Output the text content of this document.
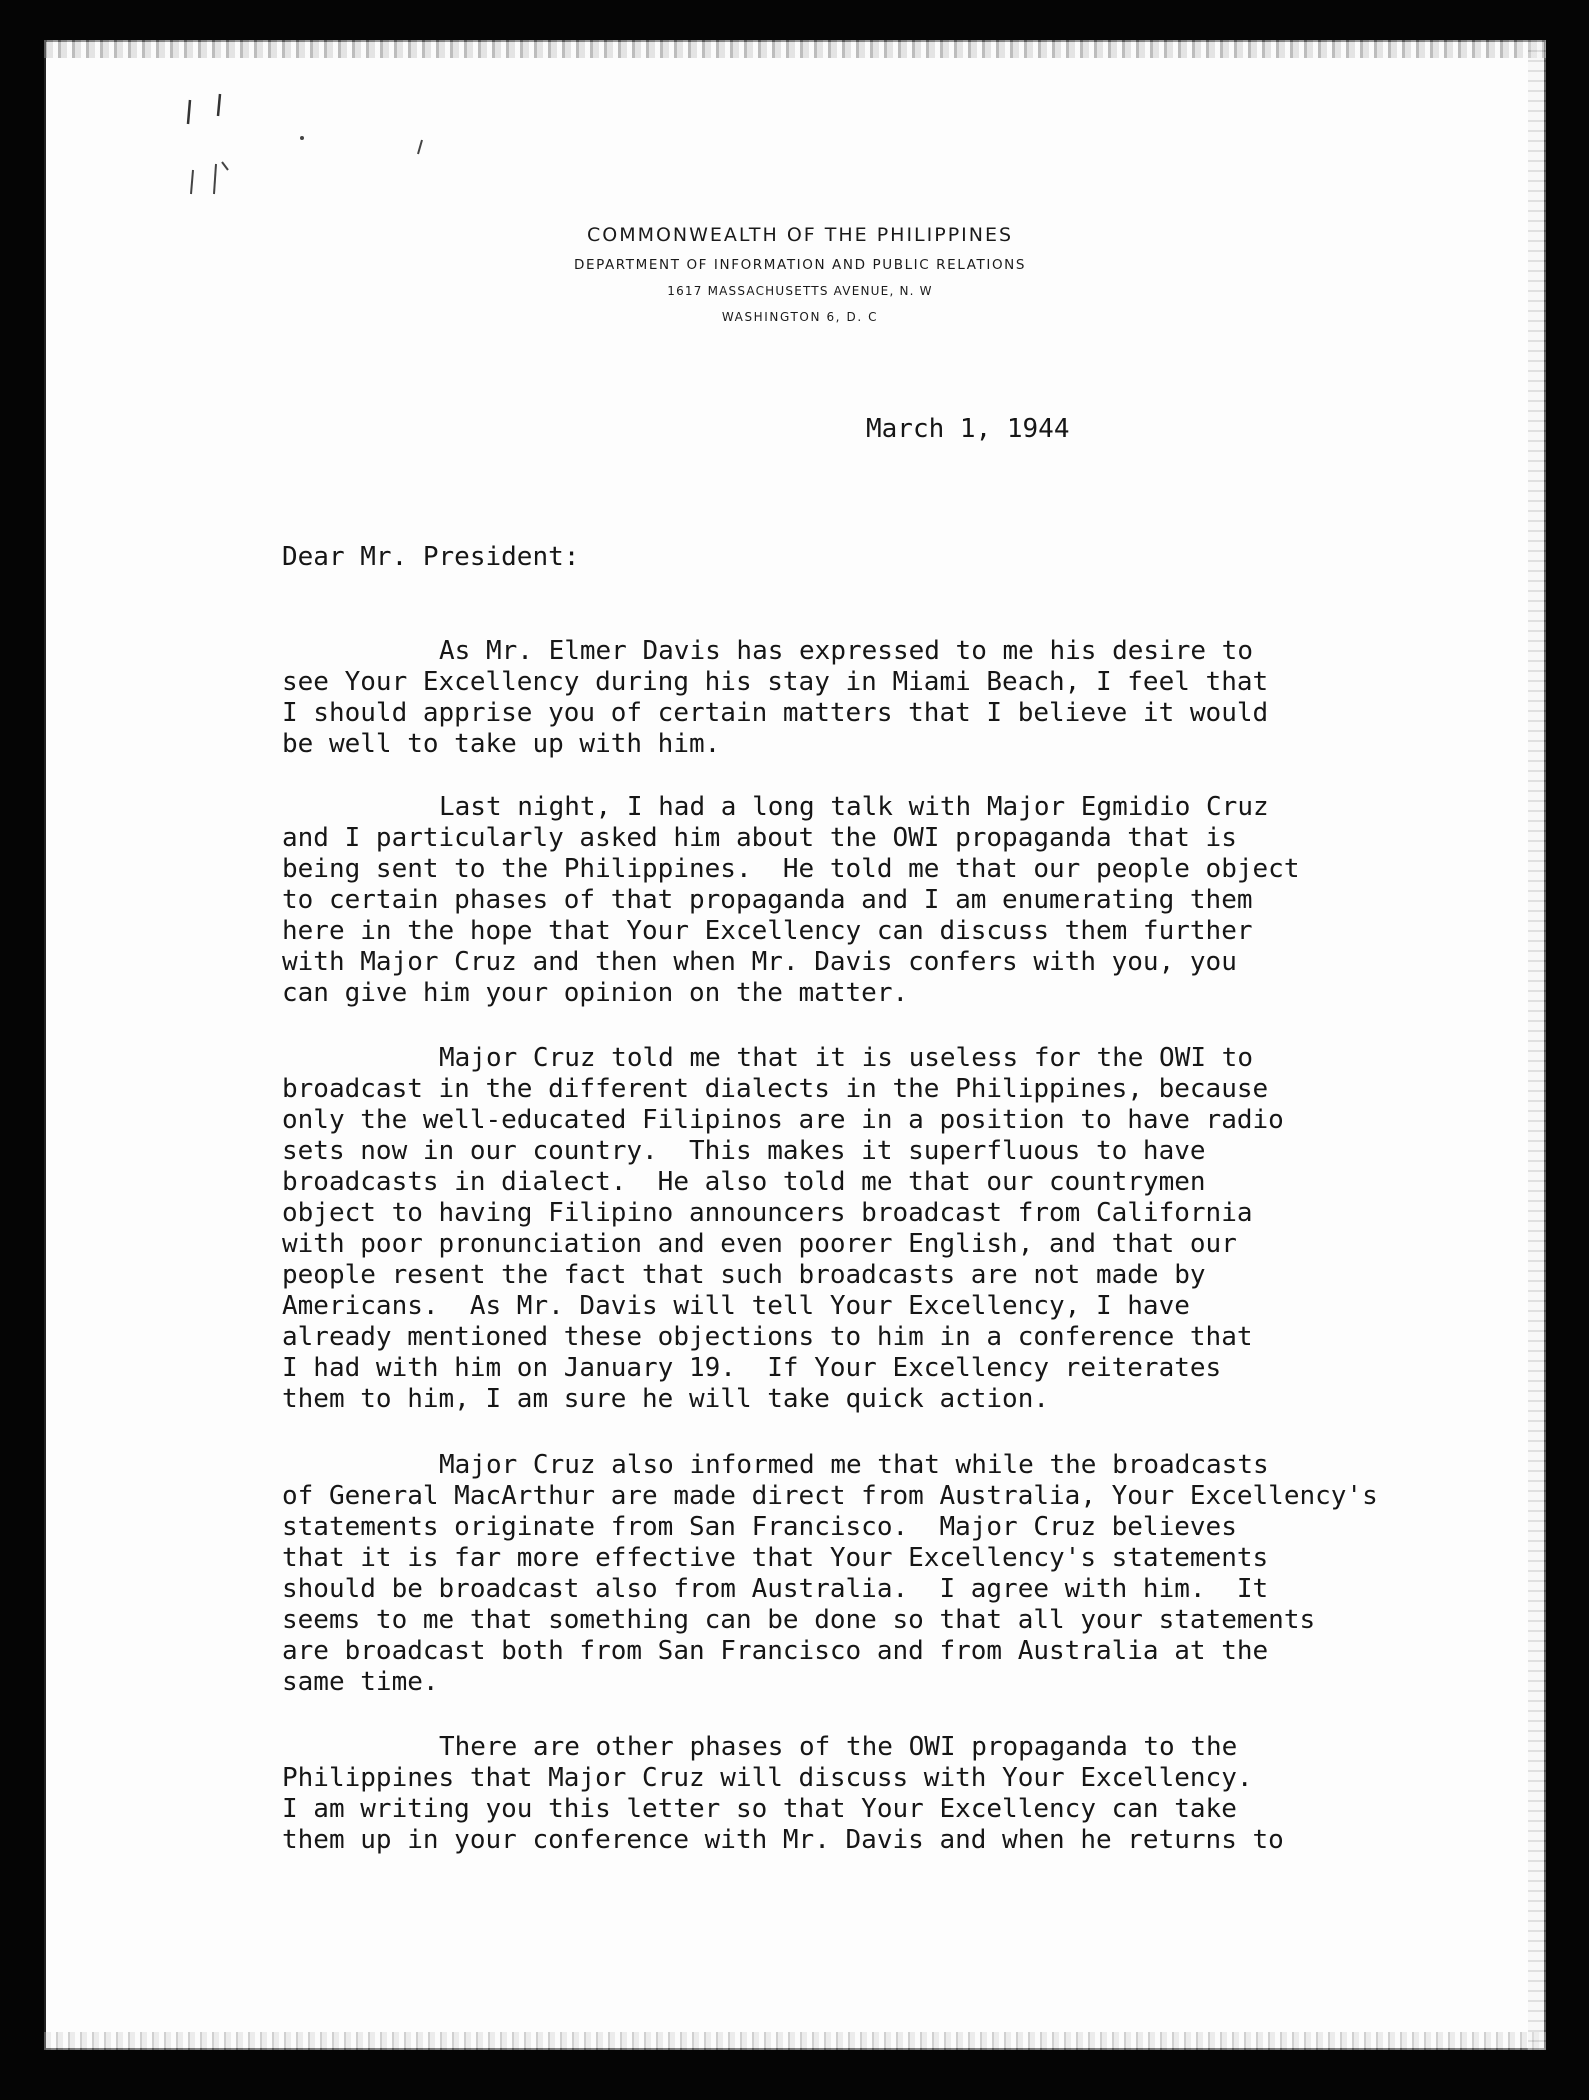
COMMONWEALTH OF THE PHILIPPINES
DEPARTMENT OF INFORMATION AND PUBLIC RELATIONS
1617 MASSACHUSETTS AVENUE, N. W
WASHINGTON 6, D. C
March 1, 1944
Dear Mr. President:
As Mr. Elmer Davis has expressed to me his desire to
see Your Excellency during his stay in Miami Beach, I feel that
I should apprise you of certain matters that I believe it would
be well to take up with him.
Last night, I had a long talk with Major Egmidio Cruz
and I particularly asked him about the OWI propaganda that is
being sent to the Philippines.  He told me that our people object
to certain phases of that propaganda and I am enumerating them
here in the hope that Your Excellency can discuss them further
with Major Cruz and then when Mr. Davis confers with you, you
can give him your opinion on the matter.
Major Cruz told me that it is useless for the OWI to
broadcast in the different dialects in the Philippines, because
only the well-educated Filipinos are in a position to have radio
sets now in our country.  This makes it superfluous to have
broadcasts in dialect.  He also told me that our countrymen
object to having Filipino announcers broadcast from California
with poor pronunciation and even poorer English, and that our
people resent the fact that such broadcasts are not made by
Americans.  As Mr. Davis will tell Your Excellency, I have
already mentioned these objections to him in a conference that
I had with him on January 19.  If Your Excellency reiterates
them to him, I am sure he will take quick action.
Major Cruz also informed me that while the broadcasts
of General MacArthur are made direct from Australia, Your Excellency's
statements originate from San Francisco.  Major Cruz believes
that it is far more effective that Your Excellency's statements
should be broadcast also from Australia.  I agree with him.  It
seems to me that something can be done so that all your statements
are broadcast both from San Francisco and from Australia at the
same time.
There are other phases of the OWI propaganda to the
Philippines that Major Cruz will discuss with Your Excellency.
I am writing you this letter so that Your Excellency can take
them up in your conference with Mr. Davis and when he returns to
